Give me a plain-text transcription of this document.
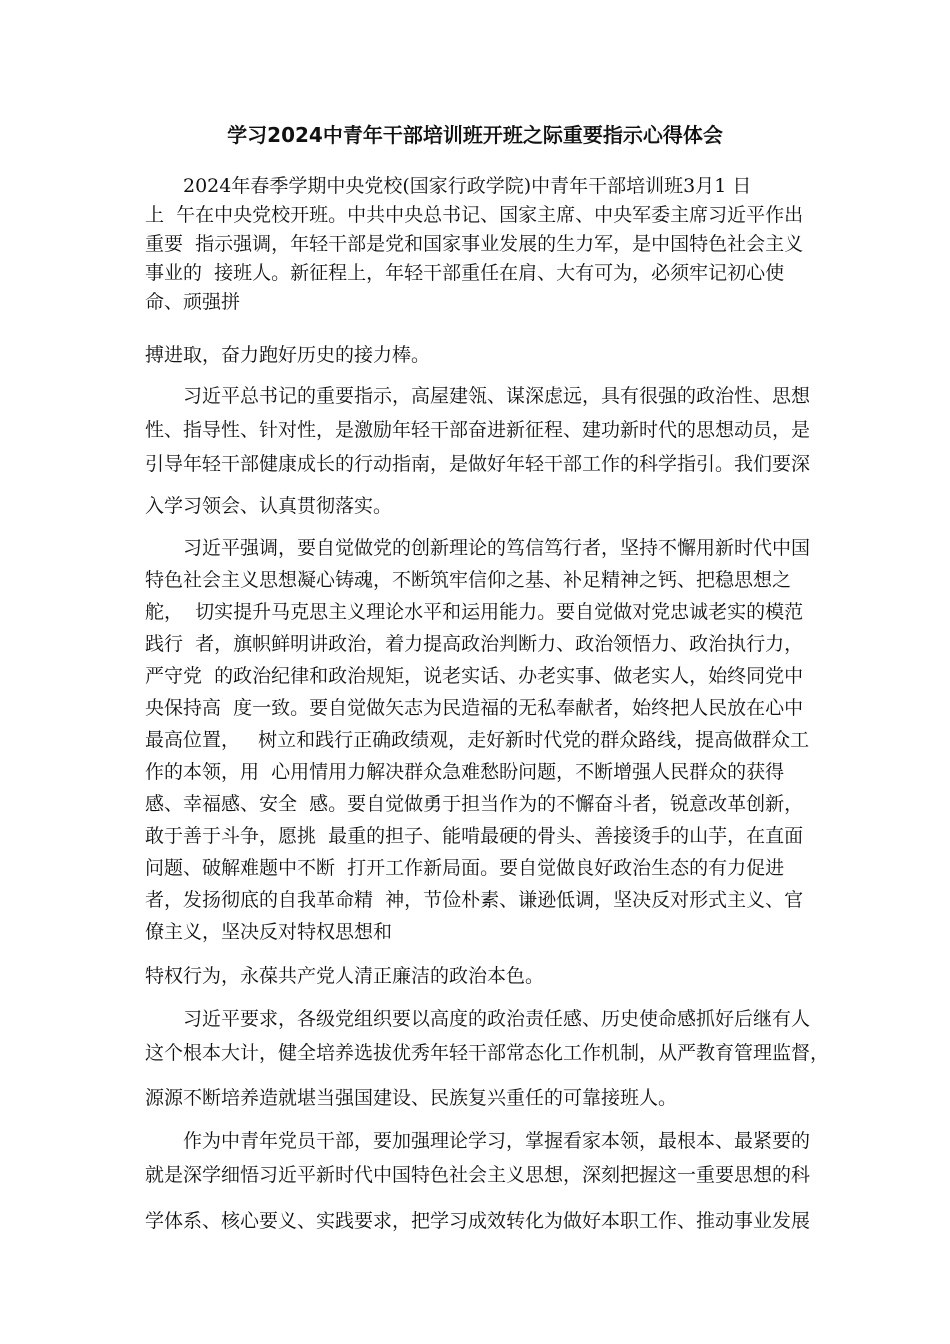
学习2024中青年干部培训班开班之际重要指示心得体会
　　2024年春季学期中央党校(国家行政学院)中青年干部培训班3月1 日
上  午在中央党校开班。中共中央总书记、国家主席、中央军委主席习近平作出
重要  指示强调，年轻干部是党和国家事业发展的生力军，是中国特色社会主义
事业的  接班人。新征程上，年轻干部重任在肩、大有可为，必须牢记初心使
命、顽强拼
搏进取，奋力跑好历史的接力棒。
　　习近平总书记的重要指示，高屋建瓴、谋深虑远，具有很强的政治性、思想
性、指导性、针对性，是激励年轻干部奋进新征程、建功新时代的思想动员，是
引导年轻干部健康成长的行动指南，是做好年轻干部工作的科学指引。我们要深
入学习领会、认真贯彻落实。
　　习近平强调，要自觉做党的创新理论的笃信笃行者，坚持不懈用新时代中国
特色社会主义思想凝心铸魂，不断筑牢信仰之基、补足精神之钙、把稳思想之
舵，  切实提升马克思主义理论水平和运用能力。要自觉做对党忠诚老实的模范
践行  者，旗帜鲜明讲政治，着力提高政治判断力、政治领悟力、政治执行力，
严守党  的政治纪律和政治规矩，说老实话、办老实事、做老实人，始终同党中
央保持高  度一致。要自觉做矢志为民造福的无私奉献者，始终把人民放在心中
最高位置，   树立和践行正确政绩观，走好新时代党的群众路线，提高做群众工
作的本领，用  心用情用力解决群众急难愁盼问题，不断增强人民群众的获得
感、幸福感、安全  感。要自觉做勇于担当作为的不懈奋斗者，锐意改革创新，
敢于善于斗争，愿挑  最重的担子、能啃最硬的骨头、善接烫手的山芋，在直面
问题、破解难题中不断  打开工作新局面。要自觉做良好政治生态的有力促进
者，发扬彻底的自我革命精  神，节俭朴素、谦逊低调，坚决反对形式主义、官
僚主义，坚决反对特权思想和
特权行为，永葆共产党人清正廉洁的政治本色。
　　习近平要求，各级党组织要以高度的政治责任感、历史使命感抓好后继有人
这个根本大计，健全培养选拔优秀年轻干部常态化工作机制，从严教育管理监督，
源源不断培养造就堪当强国建设、民族复兴重任的可靠接班人。
　　作为中青年党员干部，要加强理论学习，掌握看家本领，最根本、最紧要的
就是深学细悟习近平新时代中国特色社会主义思想，深刻把握这一重要思想的科
学体系、核心要义、实践要求，把学习成效转化为做好本职工作、推动事业发展
